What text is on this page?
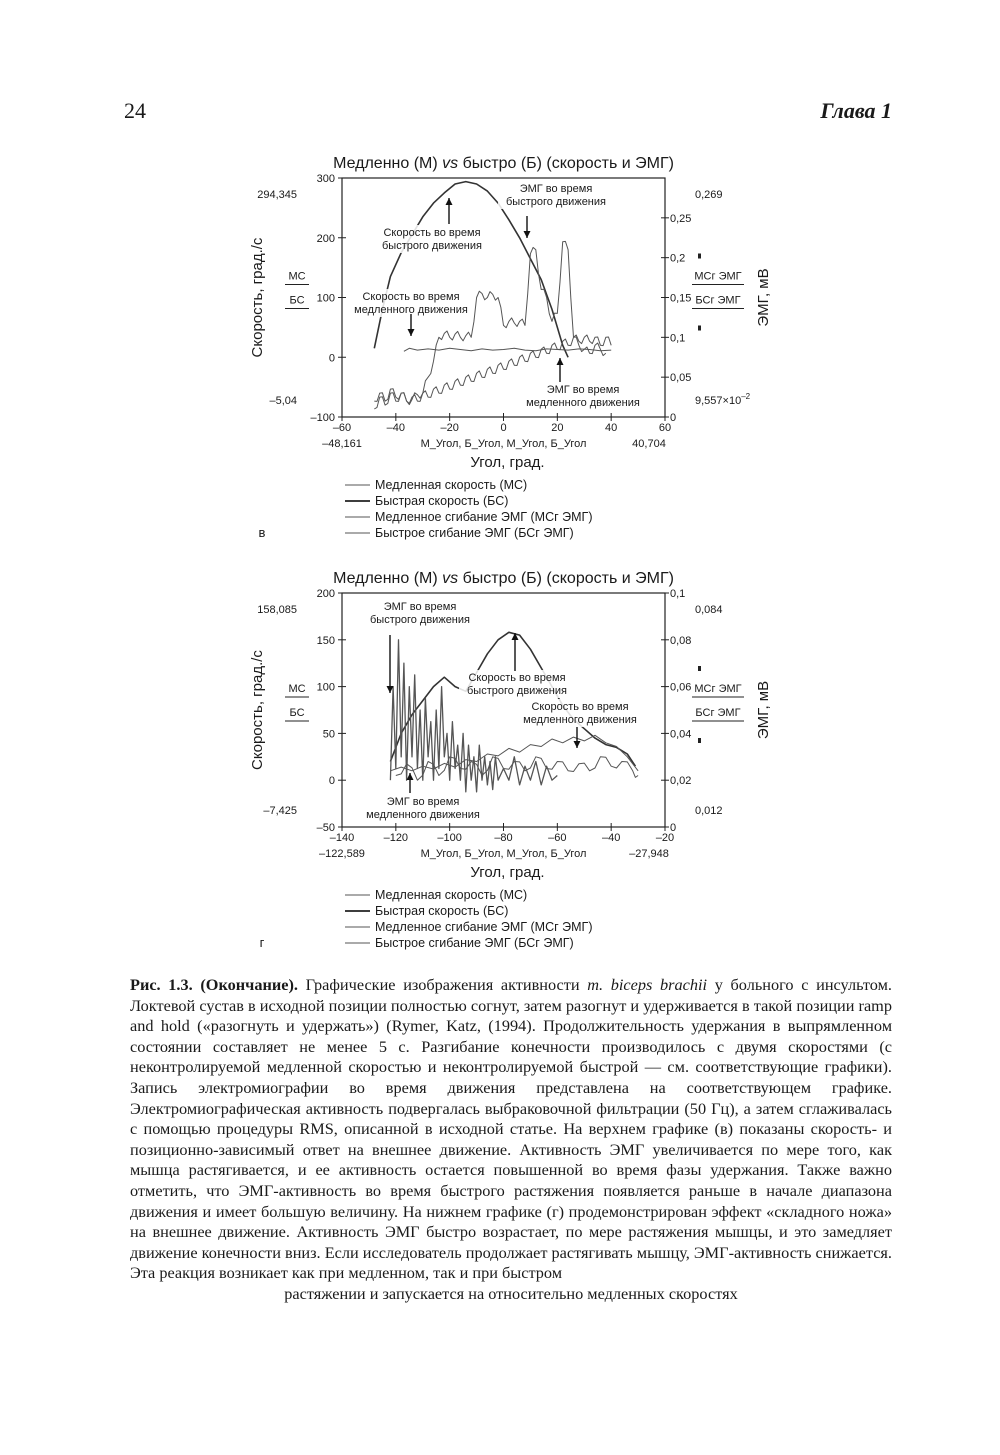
24	Глава 1
Медленно (М) vs быстро (Б) (скорость и ЭМГ)
–100
0
100
200
300
0
0,05
0,1
0,15
0,2
0,25
–60	–40	–20	0	20	40	60
294,345
–5,04
0,269
$9,557\times 10^{-2}$
Скорость, град./с	ЭМГ, мВ
МС
БС
МСг ЭМГ
БСг ЭМГ
–48,161	М_Угол, Б_Угол, М_Угол, Б_Угол	40,704
Угол, град.
ЭМГ во время
быстрого движения
Скорость во время
быстрого движения
Скорость во время
медленного движения
ЭМГ во время
медленного движения
Медленная скорость (МС)
Быстрая скорость (БС)
Медленное сгибание ЭМГ (МСг ЭМГ)
Быстрое сгибание ЭМГ (БСг ЭМГ)
в
Медленно (М) vs быстро (Б) (скорость и ЭМГ)
–50
0
50
100
150
200
0
0,02
0,04
0,06
0,08
0,1
–140	–120	–100	–80	–60	–40	–20
158,085
–7,425
0,084
0,012
Скорость, град./с	ЭМГ, мВ
МС
БС
МСг ЭМГ
БСг ЭМГ
–122,589	М_Угол, Б_Угол, М_Угол, Б_Угол	–27,948
Угол, град.
ЭМГ во время
быстрого движения
Скорость во время
быстрого движения
Скорость во время
медленного движения
ЭМГ во время
медленного движения
Медленная скорость (МС)
Быстрая скорость (БС)
Медленное сгибание ЭМГ (МСг ЭМГ)
Быстрое сгибание ЭМГ (БСг ЭМГ)
г
Рис. 1.3. (Окончание). Графические изображения активности m. biceps brachii у больного с инсультом. Локтевой сустав в исходной позиции полностью согнут, затем разогнут и удерживается в такой позиции ramp and hold («разогнуть и удержать») (Rymer, Katz, (1994). Продолжительность удержания в выпрямленном состоянии составляет не менее 5 с. Разгибание конечности производилось с двумя скоростями (с неконтролируемой медленной скоростью и неконтролируемой быстрой — см. соответствующие графики). Запись электромиографии во время движения представлена на соответствующем графике. Электромиографическая активность подвергалась выбраковочной фильтрации (50 Гц), а затем сглаживалась с помощью процедуры RMS, описанной в исходной статье. На верхнем графике (в) показаны скорость- и позиционно-зависимый ответ на внешнее движение. Активность ЭМГ увеличивается по мере того, как мышца растягивается, и ее активность остается повышенной во время фазы удержания. Также важно отметить, что ЭМГ-активность во время быстрого растяжения появляется раньше в начале диапазона движения и имеет большую величину. На нижнем графике (г) продемонстрирован эффект «складного ножа» на внешнее движение. Активность ЭМГ быстро возрастает, по мере растяжения мышцы, и это замедляет движение конечности вниз. Если исследователь продолжает растягивать мышцу, ЭМГ-активность снижается. Эта реакция возникает как при медленном, так и при быстром
растяжении и запускается на относительно медленных скоростях
